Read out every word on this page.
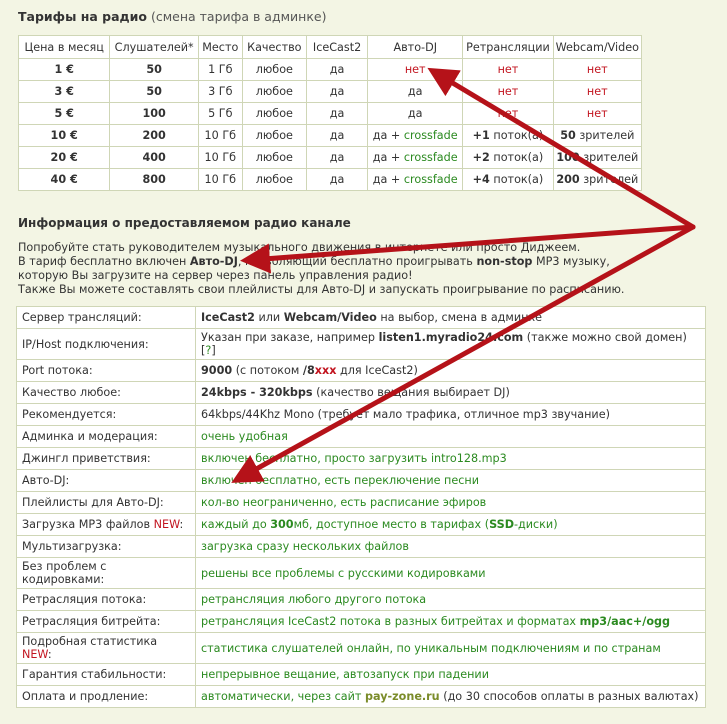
Тарифы на радио (смена тарифа в админке)
Цена в месяц	Слушателей*	Место	Качество	IceCast2	Авто-DJ	Ретрансляции	Webcam/Video
1 €	50	1 Гб	любое	да	нет	нет	нет
3 €	50	3 Гб	любое	да	да	нет	нет
5 €	100	5 Гб	любое	да	да	нет	нет
10 €	200	10 Гб	любое	да	да + crossfade	+1 поток(а)	50 зрителей
20 €	400	10 Гб	любое	да	да + crossfade	+2 поток(а)	100 зрителей
40 €	800	10 Гб	любое	да	да + crossfade	+4 поток(а)	200 зрителей
Информация о предоставляемом радио канале

Попробуйте стать руководителем музыкального движения в интернете или просто Диджеем.

В тариф бесплатно включен Авто-DJ, позволяющий бесплатно проигрывать non-stop MP3 музыку,

которую Вы загрузите на сервер через панель управления радио!

Также Вы можете составлять свои плейлисты для Авто-DJ и запускать проигрывание по расписанию.

Сервер трансляций:	IceCast2 или Webcam/Video на выбор, смена в админке
IP/Host подключения:	Указан при заказе, например listen1.myradio24.com (также можно свой домен)
[?]
Port потока:	9000 (с потоком /8xxx для IceCast2)
Качество любое:	24kbps - 320kbps (качество вещания выбирает DJ)
Рекомендуется:	64kbps/44Khz Mono (требует мало трафика, отличное mp3 звучание)
Админка и модерация:	очень удобная
Джингл приветствия:	включен бесплатно, просто загрузить intro128.mp3
Авто-DJ:	включен бесплатно, есть переключение песни
Плейлисты для Авто-DJ:	кол-во неограниченно, есть расписание эфиров
Загрузка MP3 файлов NEW:	каждый до 300мб, доступное место в тарифах (SSD-диски)
Мультизагрузка:	загрузка сразу нескольких файлов
Без проблем с кодировками:	решены все проблемы с русскими кодировками
Ретрасляция потока:	ретрансляция любого другого потока
Ретрасляция битрейта:	ретрансляция IceCast2 потока в разных битрейтах и форматах mp3/aac+/ogg
Подробная статистика NEW:	статистика слушателей онлайн, по уникальным подключениям и по странам
Гарантия стабильности:	непрерывное вещание, автозапуск при падении
Оплата и продление:	автоматически, через сайт pay-zone.ru (до 30 способов оплаты в разных валютах)
